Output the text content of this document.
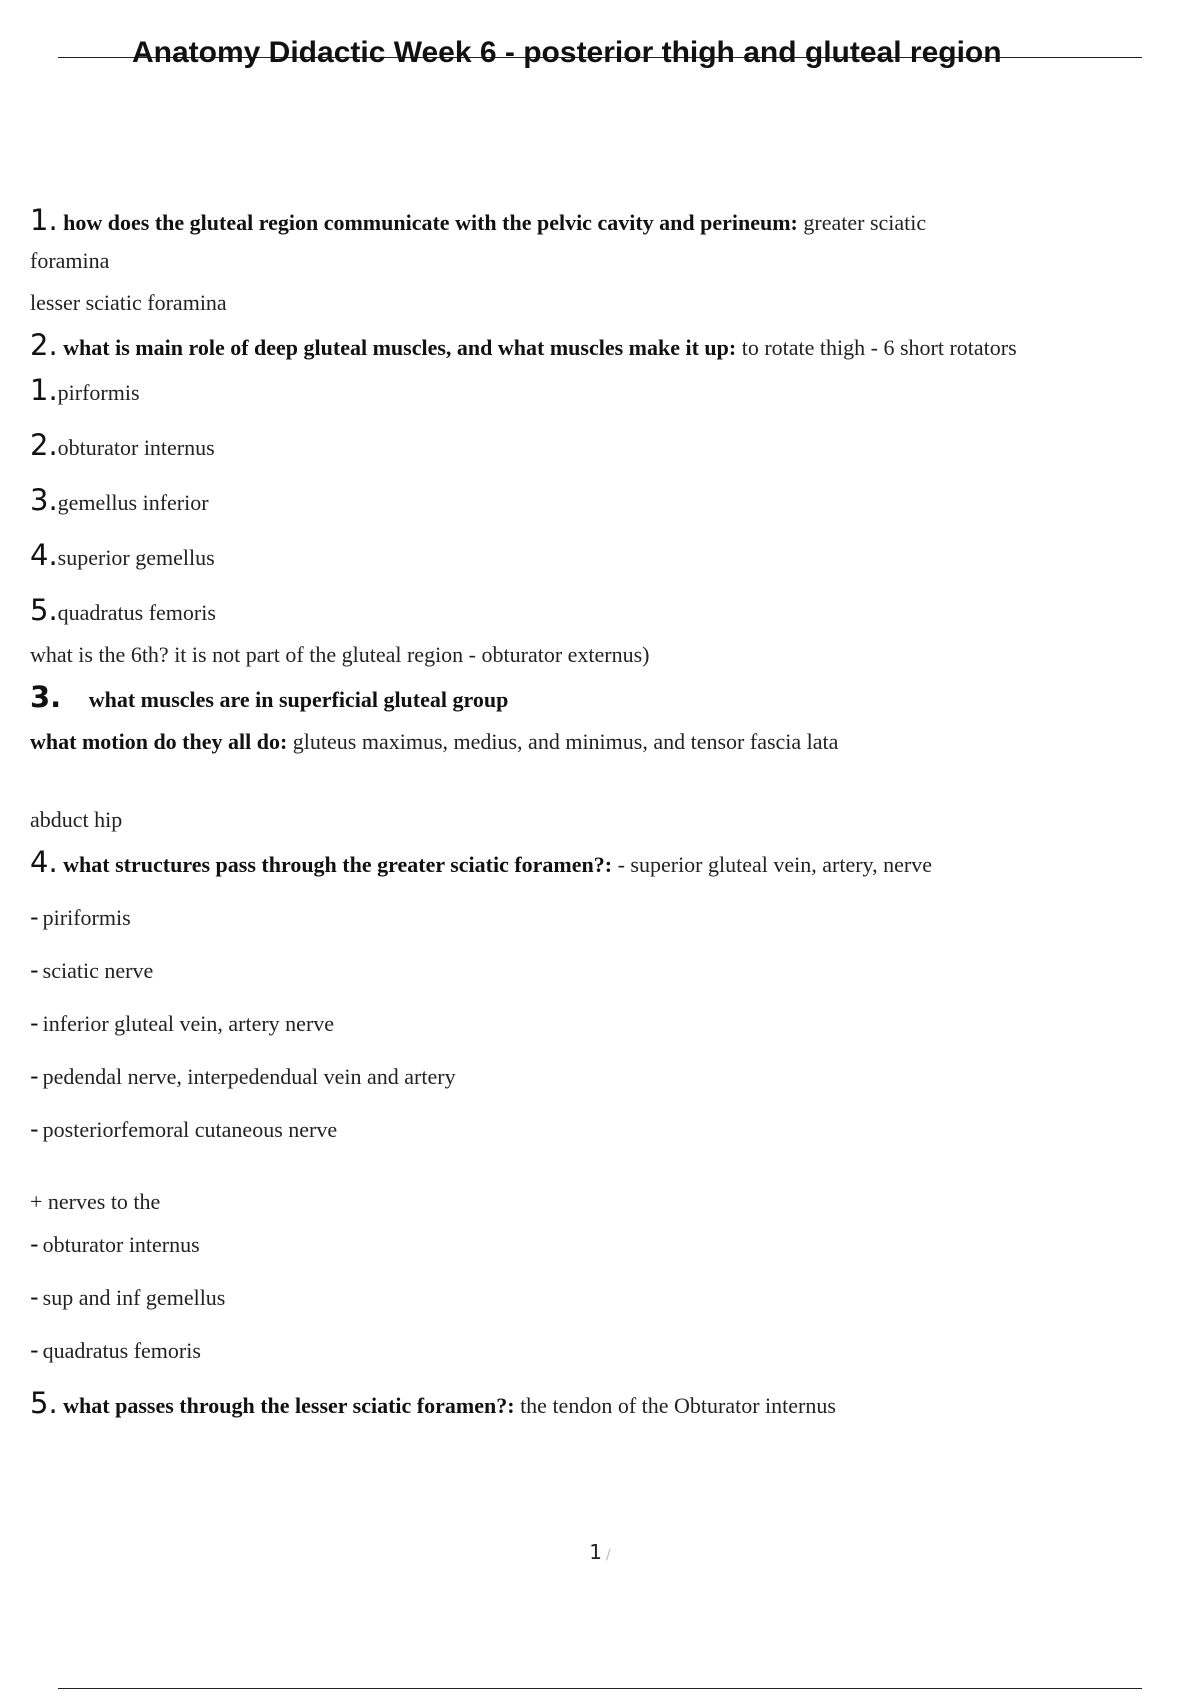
Anatomy Didactic Week 6 - posterior thigh and gluteal region
1. how does the gluteal region communicate with the pelvic cavity and perineum: greater sciatic
foramina
lesser sciatic foramina
2. what is main role of deep gluteal muscles, and what muscles make it up: to rotate thigh - 6 short rotators
1.pirformis
2.obturator internus
3.gemellus inferior
4.superior gemellus
5.quadratus femoris
what is the 6th? it is not part of the gluteal region - obturator externus)
3. what muscles are in superficial gluteal group
what motion do they all do: gluteus maximus, medius, and minimus, and tensor fascia lata
abduct hip
4. what structures pass through the greater sciatic foramen?: - superior gluteal vein, artery, nerve
- piriformis
- sciatic nerve
- inferior gluteal vein, artery nerve
- pedendal nerve, interpedendual vein and artery
- posteriorfemoral cutaneous nerve
+ nerves to the
- obturator internus
- sup and inf gemellus
- quadratus femoris
5. what passes through the lesser sciatic foramen?: the tendon of the Obturator internus
1 /
